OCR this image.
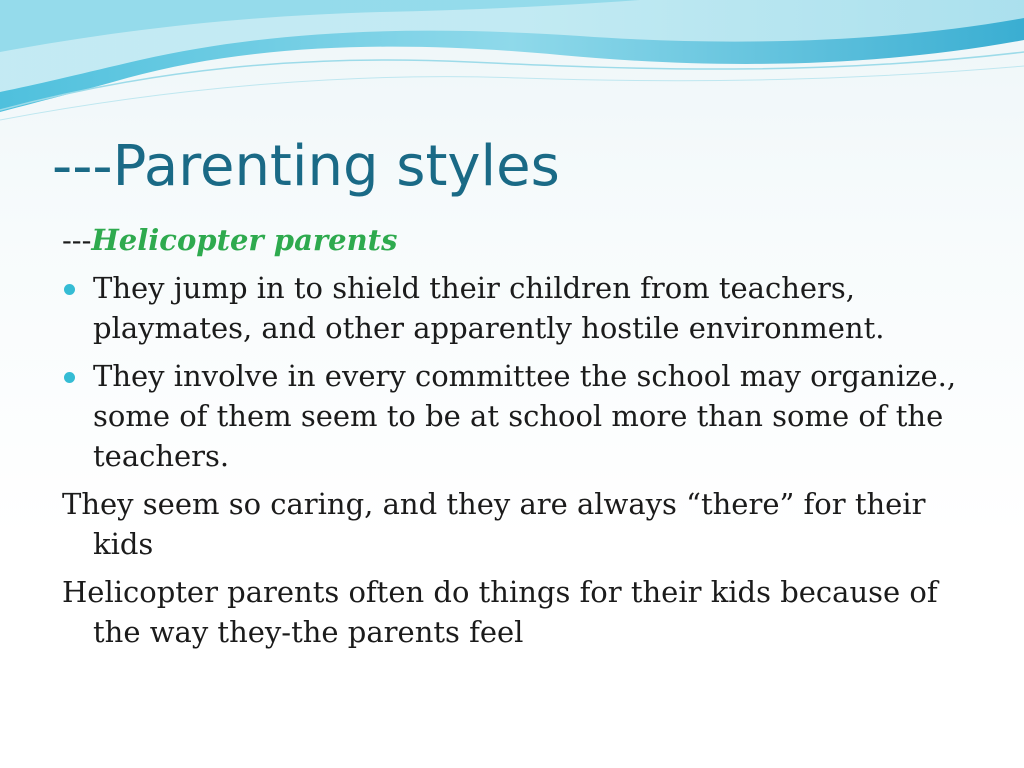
---Parenting styles
---Helicopter parents
They jump in to shield their children from teachers, playmates, and other apparently hostile environment.
They involve in every committee the school may organize., some of them seem to be at school more than some of the teachers.

They seem so caring, and they are always “there” for their kids

Helicopter parents often do things for their kids because of the way they-the parents feel
